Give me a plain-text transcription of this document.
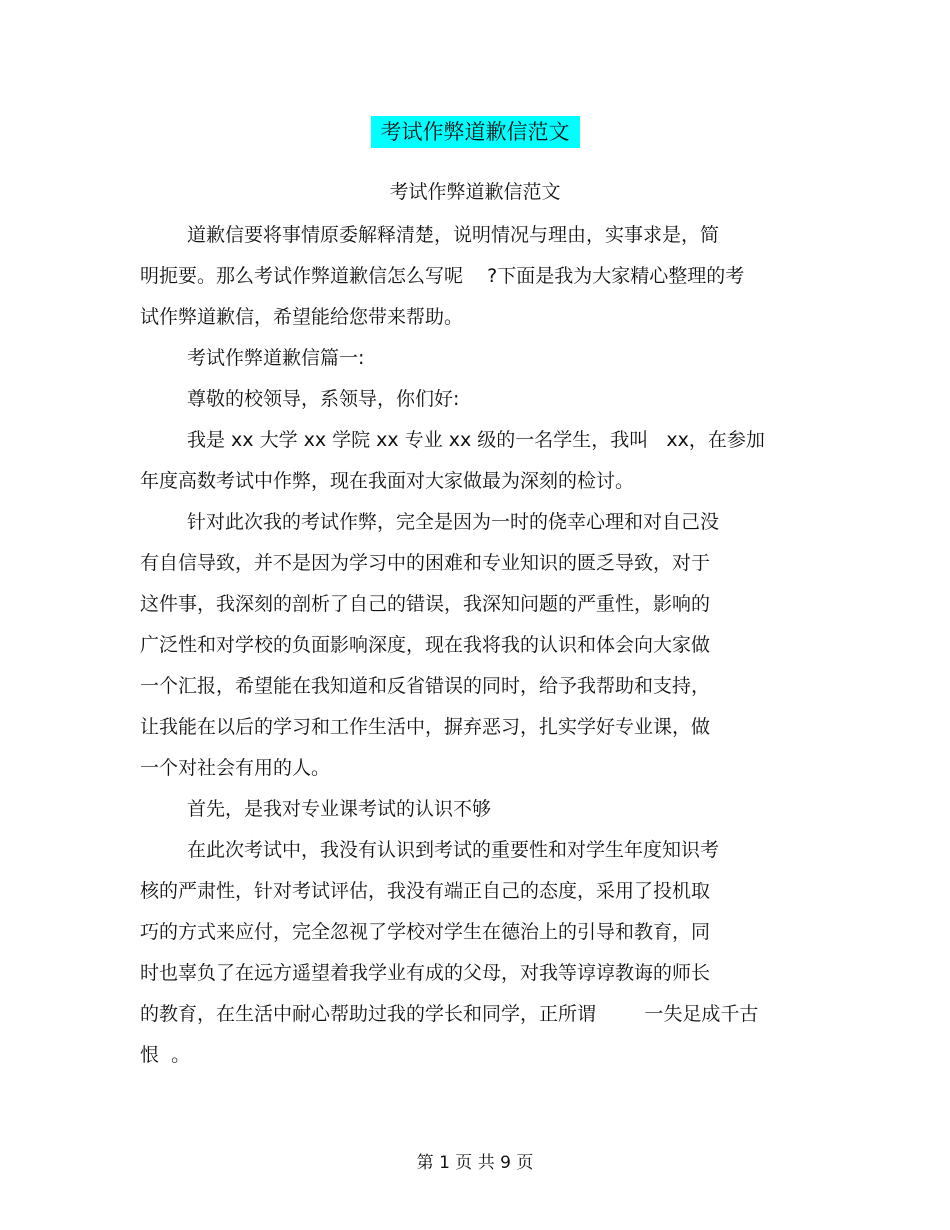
考试作弊道歉信范文
考试作弊道歉信范文
道歉信要将事情原委解释清楚，说明情况与理由，实事求是，简
明扼要。那么考试作弊道歉信怎么写呢    ?下面是我为大家精心整理的考
试作弊道歉信，希望能给您带来帮助。
考试作弊道歉信篇一:
尊敬的校领导，系领导，你们好:
我是 xx 大学 xx 学院 xx 专业 xx 级的一名学生，我叫   xx，在参加
年度高数考试中作弊，现在我面对大家做最为深刻的检讨。
针对此次我的考试作弊，完全是因为一时的侥幸心理和对自己没
有自信导致，并不是因为学习中的困难和专业知识的匮乏导致，对于
这件事，我深刻的剖析了自己的错误，我深知问题的严重性，影响的
广泛性和对学校的负面影响深度，现在我将我的认识和体会向大家做
一个汇报，希望能在我知道和反省错误的同时，给予我帮助和支持，
让我能在以后的学习和工作生活中，摒弃恶习，扎实学好专业课，做
一个对社会有用的人。
首先，是我对专业课考试的认识不够
在此次考试中，我没有认识到考试的重要性和对学生年度知识考
核的严肃性，针对考试评估，我没有端正自己的态度，采用了投机取
巧的方式来应付，完全忽视了学校对学生在德治上的引导和教育，同
时也辜负了在远方遥望着我学业有成的父母，对我等谆谆教诲的师长
的教育，在生活中耐心帮助过我的学长和同学，正所谓        一失足成千古
恨  。
第 1 页 共 9 页
